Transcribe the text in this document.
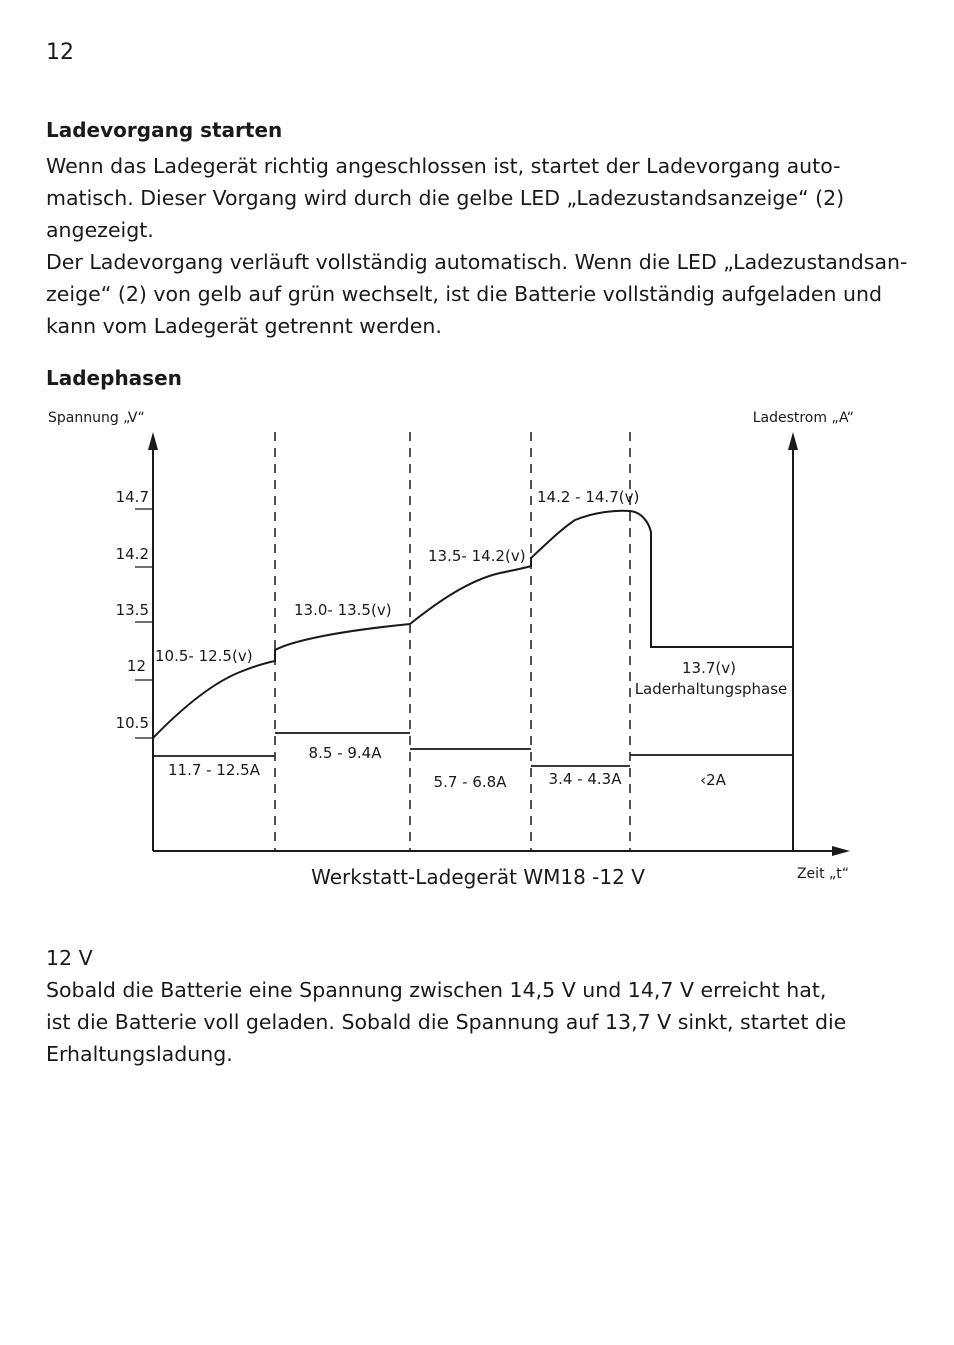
12
Ladevorgang starten

Wenn das Ladegerät richtig angeschlossen ist, startet der Ladevorgang auto-

matisch. Dieser Vorgang wird durch die gelbe LED „Ladezustandsanzeige“ (2)

angezeigt.

Der Ladevorgang verläuft vollständig automatisch. Wenn die LED „Ladezustandsan-

zeige“ (2) von gelb auf grün wechselt, ist die Batterie vollständig aufgeladen und

kann vom Ladegerät getrennt werden.

Ladephasen
Spannung „V“	Ladestrom „A“
14.7
14.2
13.5
12
10.5
10.5- 12.5(v)
13.0- 13.5(v)
13.5- 14.2(v)
14.2 - 14.7(v)
13.7(v)
Laderhaltungsphase
11.7 - 12.5A
8.5 - 9.4A
5.7 - 6.8A	3.4 - 4.3A	‹2A
Werkstatt-Ladegerät WM18 -12 V	Zeit „t“

12 V

Sobald die Batterie eine Spannung zwischen 14,5 V und 14,7 V erreicht hat,

ist die Batterie voll geladen. Sobald die Spannung auf 13,7 V sinkt, startet die

Erhaltungsladung.
